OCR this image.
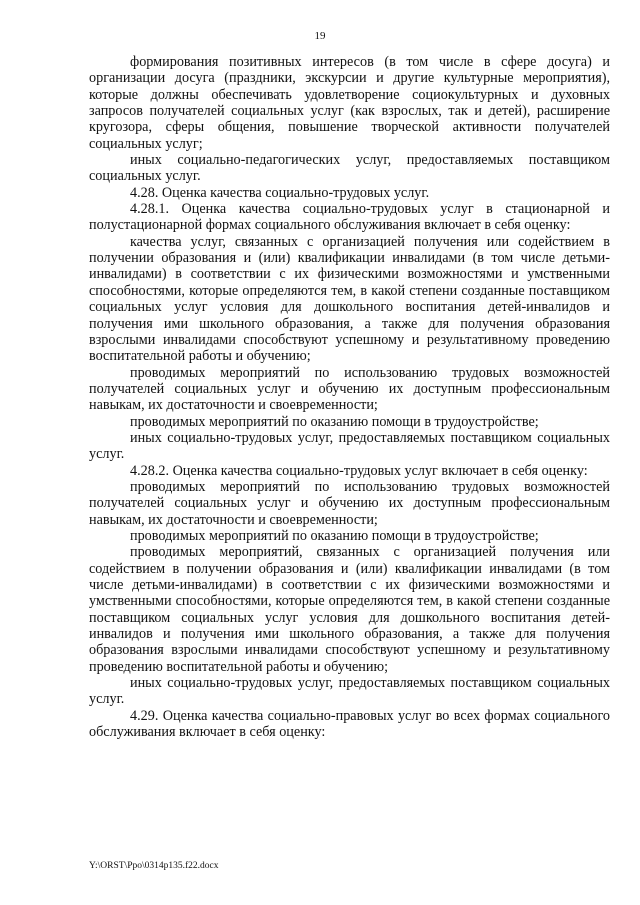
19

формирования позитивных интересов (в том числе в сфере досуга) и организации досуга (праздники, экскурсии и другие культурные мероприятия), которые должны обеспечивать удовлетворение социокультурных и духовных запросов получателей социальных услуг (как взрослых, так и детей), расширение кругозора, сферы общения, повышение творческой активности получателей социальных услуг;

иных социально-педагогических услуг, предоставляемых поставщиком социальных услуг.

4.28. Оценка качества социально-трудовых услуг.

4.28.1. Оценка качества социально-трудовых услуг в стационарной и полустационарной формах социального обслуживания включает в себя оценку:

качества услуг, связанных с организацией получения или содействием в получении образования и (или) квалификации инвалидами (в том числе детьми-инвалидами) в соответствии с их физическими возможностями и умственными способностями, которые определяются тем, в какой степени созданные поставщиком социальных услуг условия для дошкольного воспитания детей-инвалидов и получения ими школьного образования, а также для получения образования взрослыми инвалидами способствуют успешному и результативному проведению воспитательной работы и обучению;

проводимых мероприятий по использованию трудовых возможностей получателей социальных услуг и обучению их доступным профессиональным навыкам, их достаточности и своевременности;

проводимых мероприятий по оказанию помощи в трудоустройстве;

иных социально-трудовых услуг, предоставляемых поставщиком социальных услуг.

4.28.2. Оценка качества социально-трудовых услуг включает в себя оценку:

проводимых мероприятий по использованию трудовых возможностей получателей социальных услуг и обучению их доступным профессиональным навыкам, их достаточности и своевременности;

проводимых мероприятий по оказанию помощи в трудоустройстве;

проводимых мероприятий, связанных с организацией получения или содействием в получении образования и (или) квалификации инвалидами (в том числе детьми-инвалидами) в соответствии с их физическими возможностями и умственными способностями, которые определяются тем, в какой степени созданные поставщиком социальных услуг условия для дошкольного воспитания детей-инвалидов и получения ими школьного образования, а также для получения образования взрослыми инвалидами способствуют успешному и результативному проведению воспитательной работы и обучению;

иных социально-трудовых услуг, предоставляемых поставщиком социальных услуг.

4.29. Оценка качества социально-правовых услуг во всех формах социального обслуживания включает в себя оценку:

Y:\ORST\Ppo\0314p135.f22.docx
